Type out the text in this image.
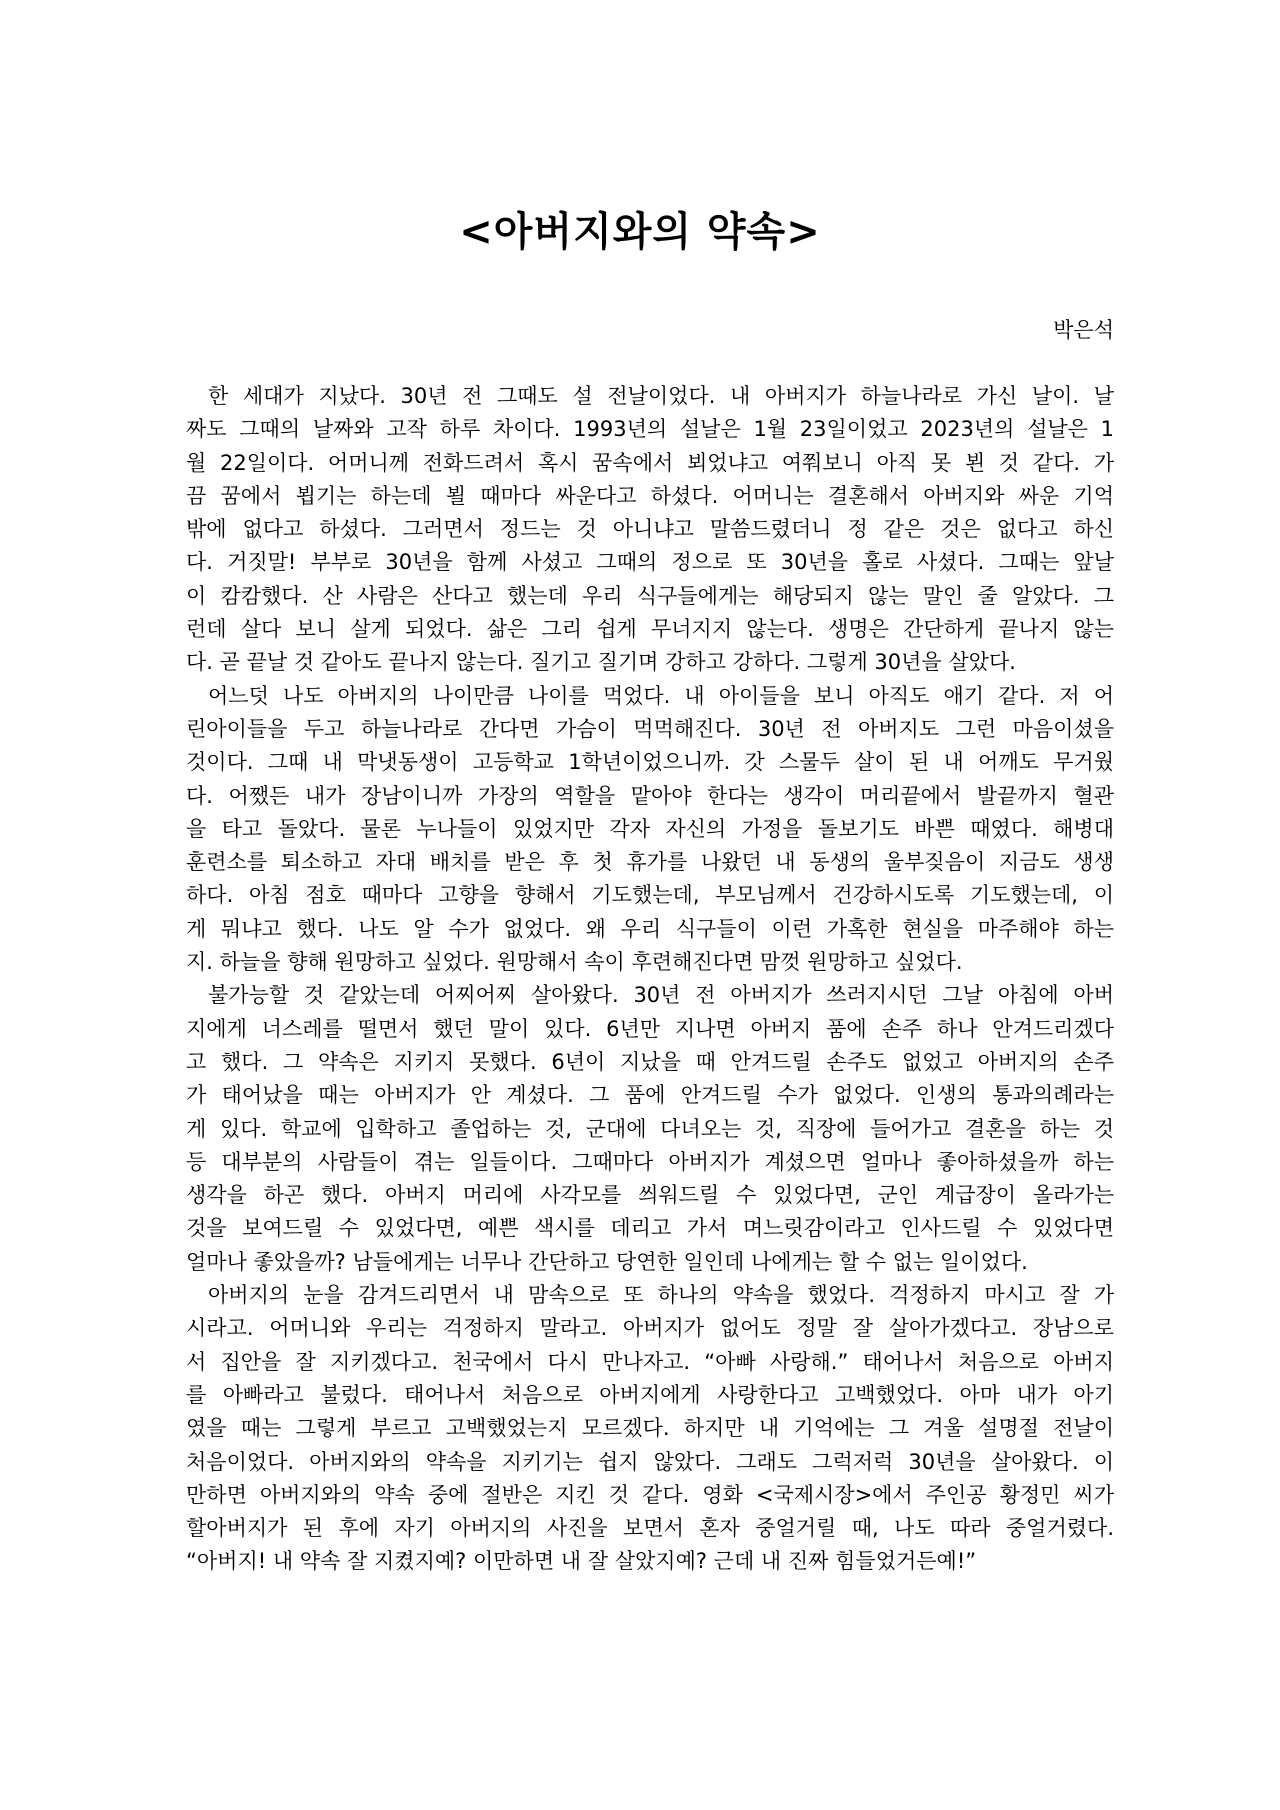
<아버지와의 약속>
박은석
한 세대가 지났다. 30년 전 그때도 설 전날이었다. 내 아버지가 하늘나라로 가신 날이. 날
짜도 그때의 날짜와 고작 하루 차이다. 1993년의 설날은 1월 23일이었고 2023년의 설날은 1
월 22일이다. 어머니께 전화드려서 혹시 꿈속에서 뵈었냐고 여쭤보니 아직 못 뵌 것 같다. 가
끔 꿈에서 뵙기는 하는데 뵐 때마다 싸운다고 하셨다. 어머니는 결혼해서 아버지와 싸운 기억
밖에 없다고 하셨다. 그러면서 정드는 것 아니냐고 말씀드렸더니 정 같은 것은 없다고 하신
다. 거짓말! 부부로 30년을 함께 사셨고 그때의 정으로 또 30년을 홀로 사셨다. 그때는 앞날
이 캄캄했다. 산 사람은 산다고 했는데 우리 식구들에게는 해당되지 않는 말인 줄 알았다. 그
런데 살다 보니 살게 되었다. 삶은 그리 쉽게 무너지지 않는다. 생명은 간단하게 끝나지 않는
다. 곧 끝날 것 같아도 끝나지 않는다. 질기고 질기며 강하고 강하다. 그렇게 30년을 살았다.
어느덧 나도 아버지의 나이만큼 나이를 먹었다. 내 아이들을 보니 아직도 애기 같다. 저 어
린아이들을 두고 하늘나라로 간다면 가슴이 먹먹해진다. 30년 전 아버지도 그런 마음이셨을
것이다. 그때 내 막냇동생이 고등학교 1학년이었으니까. 갓 스물두 살이 된 내 어깨도 무거웠
다. 어쨌든 내가 장남이니까 가장의 역할을 맡아야 한다는 생각이 머리끝에서 발끝까지 혈관
을 타고 돌았다. 물론 누나들이 있었지만 각자 자신의 가정을 돌보기도 바쁜 때였다. 해병대
훈련소를 퇴소하고 자대 배치를 받은 후 첫 휴가를 나왔던 내 동생의 울부짖음이 지금도 생생
하다. 아침 점호 때마다 고향을 향해서 기도했는데, 부모님께서 건강하시도록 기도했는데, 이
게 뭐냐고 했다. 나도 알 수가 없었다. 왜 우리 식구들이 이런 가혹한 현실을 마주해야 하는
지. 하늘을 향해 원망하고 싶었다. 원망해서 속이 후련해진다면 맘껏 원망하고 싶었다.
불가능할 것 같았는데 어찌어찌 살아왔다. 30년 전 아버지가 쓰러지시던 그날 아침에 아버
지에게 너스레를 떨면서 했던 말이 있다. 6년만 지나면 아버지 품에 손주 하나 안겨드리겠다
고 했다. 그 약속은 지키지 못했다. 6년이 지났을 때 안겨드릴 손주도 없었고 아버지의 손주
가 태어났을 때는 아버지가 안 계셨다. 그 품에 안겨드릴 수가 없었다. 인생의 통과의례라는
게 있다. 학교에 입학하고 졸업하는 것, 군대에 다녀오는 것, 직장에 들어가고 결혼을 하는 것
등 대부분의 사람들이 겪는 일들이다. 그때마다 아버지가 계셨으면 얼마나 좋아하셨을까 하는
생각을 하곤 했다. 아버지 머리에 사각모를 씌워드릴 수 있었다면, 군인 계급장이 올라가는
것을 보여드릴 수 있었다면, 예쁜 색시를 데리고 가서 며느릿감이라고 인사드릴 수 있었다면
얼마나 좋았을까? 남들에게는 너무나 간단하고 당연한 일인데 나에게는 할 수 없는 일이었다.
아버지의 눈을 감겨드리면서 내 맘속으로 또 하나의 약속을 했었다. 걱정하지 마시고 잘 가
시라고. 어머니와 우리는 걱정하지 말라고. 아버지가 없어도 정말 잘 살아가겠다고. 장남으로
서 집안을 잘 지키겠다고. 천국에서 다시 만나자고. “아빠 사랑해.” 태어나서 처음으로 아버지
를 아빠라고 불렀다. 태어나서 처음으로 아버지에게 사랑한다고 고백했었다. 아마 내가 아기
였을 때는 그렇게 부르고 고백했었는지 모르겠다. 하지만 내 기억에는 그 겨울 설명절 전날이
처음이었다. 아버지와의 약속을 지키기는 쉽지 않았다. 그래도 그럭저럭 30년을 살아왔다. 이
만하면 아버지와의 약속 중에 절반은 지킨 것 같다. 영화 <국제시장>에서 주인공 황정민 씨가
할아버지가 된 후에 자기 아버지의 사진을 보면서 혼자 중얼거릴 때, 나도 따라 중얼거렸다.
“아버지! 내 약속 잘 지켰지예? 이만하면 내 잘 살았지예? 근데 내 진짜 힘들었거든예!”
